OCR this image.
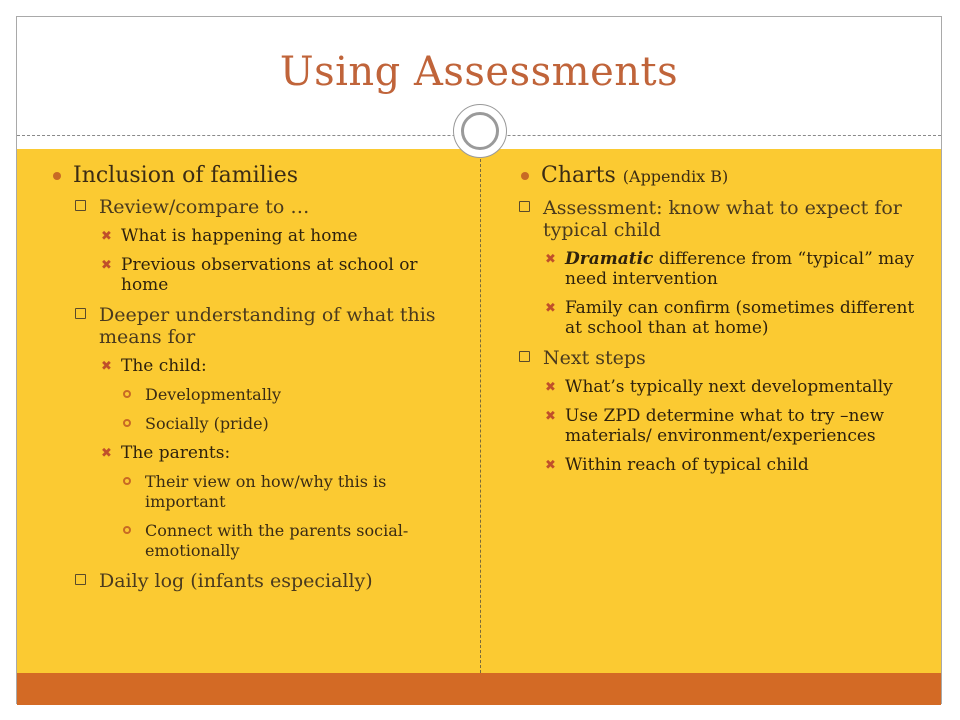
Using Assessments
Inclusion of families
Review/compare to …
✖ What is happening at home
✖ Previous observations at school or home
Deeper understanding of what this means for
✖ The child:
Developmentally
Socially (pride)
✖ The parents:
Their view on how/why this is important
Connect with the parents social-emotionally
Daily log (infants especially)
Charts (Appendix B)
Assessment: know what to expect for typical child
✖ Dramatic difference from “typical” may need intervention
✖ Family can confirm (sometimes different at school than at home)
Next steps
✖ What’s typically next developmentally
✖ Use ZPD determine what to try –new materials/ environment/experiences
✖ Within reach of typical child
